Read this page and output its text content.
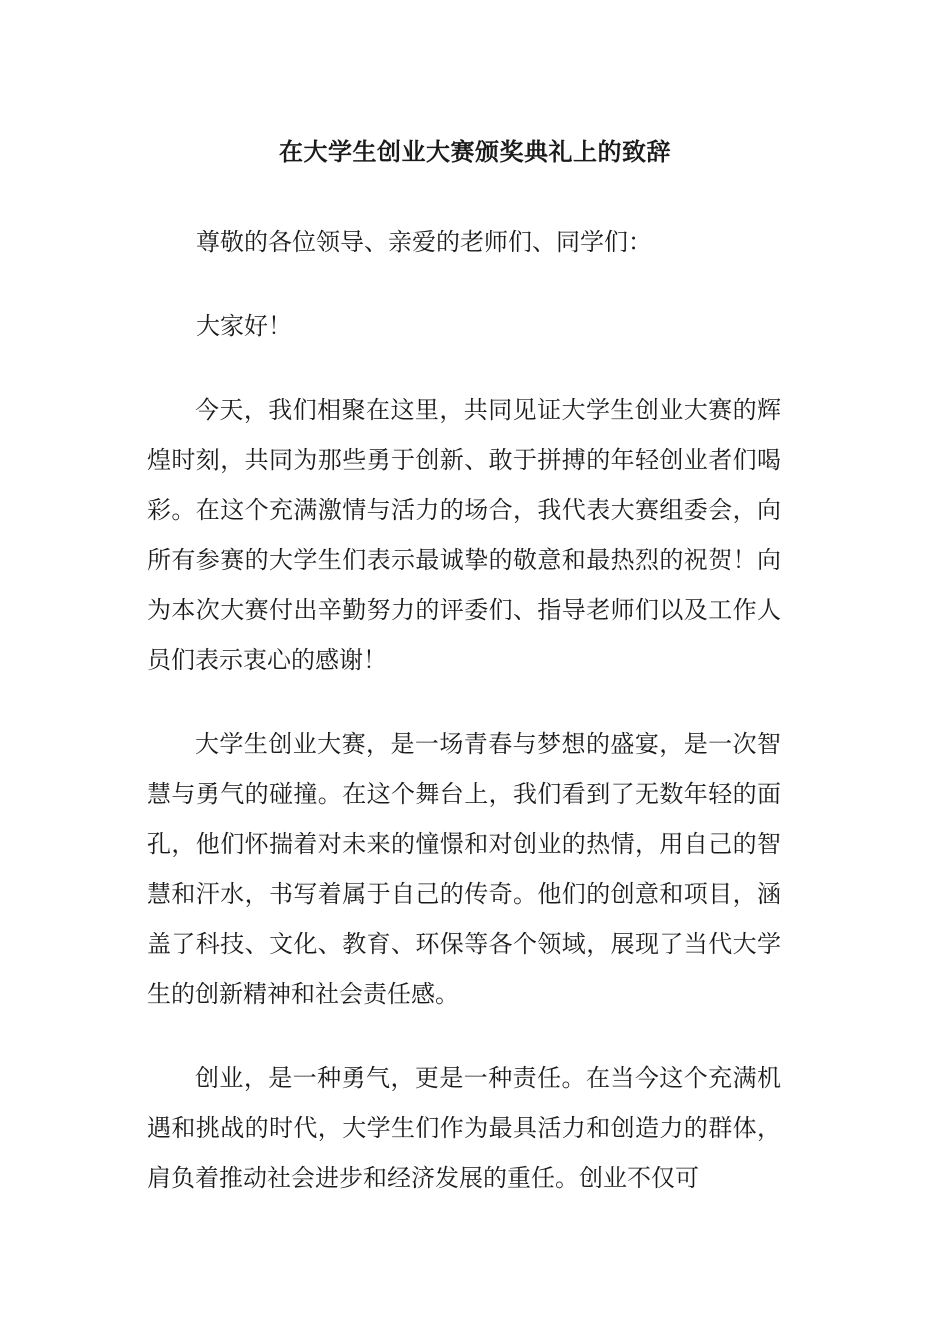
在大学生创业大赛颁奖典礼上的致辞
尊敬的各位领导、亲爱的老师们、同学们：
大家好！

今天，我们相聚在这里，共同见证大学生创业大赛的辉煌时刻，共同为那些勇于创新、敢于拼搏的年轻创业者们喝彩。在这个充满激情与活力的场合，我代表大赛组委会，向所有参赛的大学生们表示最诚挚的敬意和最热烈的祝贺！向为本次大赛付出辛勤努力的评委们、指导老师们以及工作人员们表示衷心的感谢！

大学生创业大赛，是一场青春与梦想的盛宴，是一次智慧与勇气的碰撞。在这个舞台上，我们看到了无数年轻的面孔，他们怀揣着对未来的憧憬和对创业的热情，用自己的智慧和汗水，书写着属于自己的传奇。他们的创意和项目，涵盖了科技、文化、教育、环保等各个领域，展现了当代大学生的创新精神和社会责任感。

创业，是一种勇气，更是一种责任。在当今这个充满机遇和挑战的时代，大学生们作为最具活力和创造力的群体，肩负着推动社会进步和经济发展的重任。创业不仅可
